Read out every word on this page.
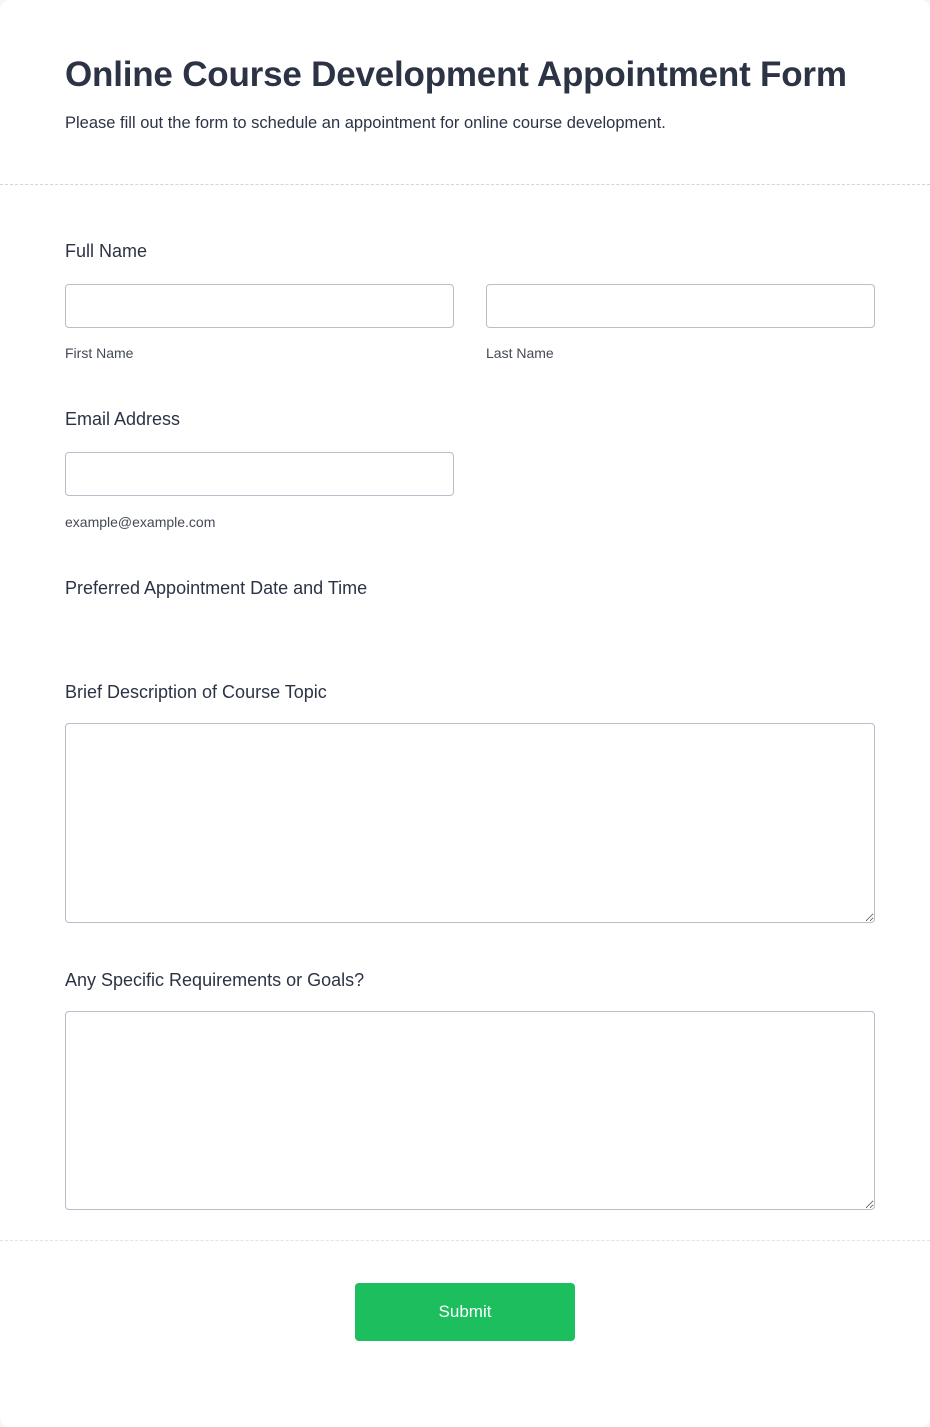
Online Course Development Appointment Form

Please fill out the form to schedule an appointment for online course development.

Full Name
First Name	Last Name
Email Address
example@example.com
Preferred Appointment Date and Time
Brief Description of Course Topic
Any Specific Requirements or Goals?
Submit
